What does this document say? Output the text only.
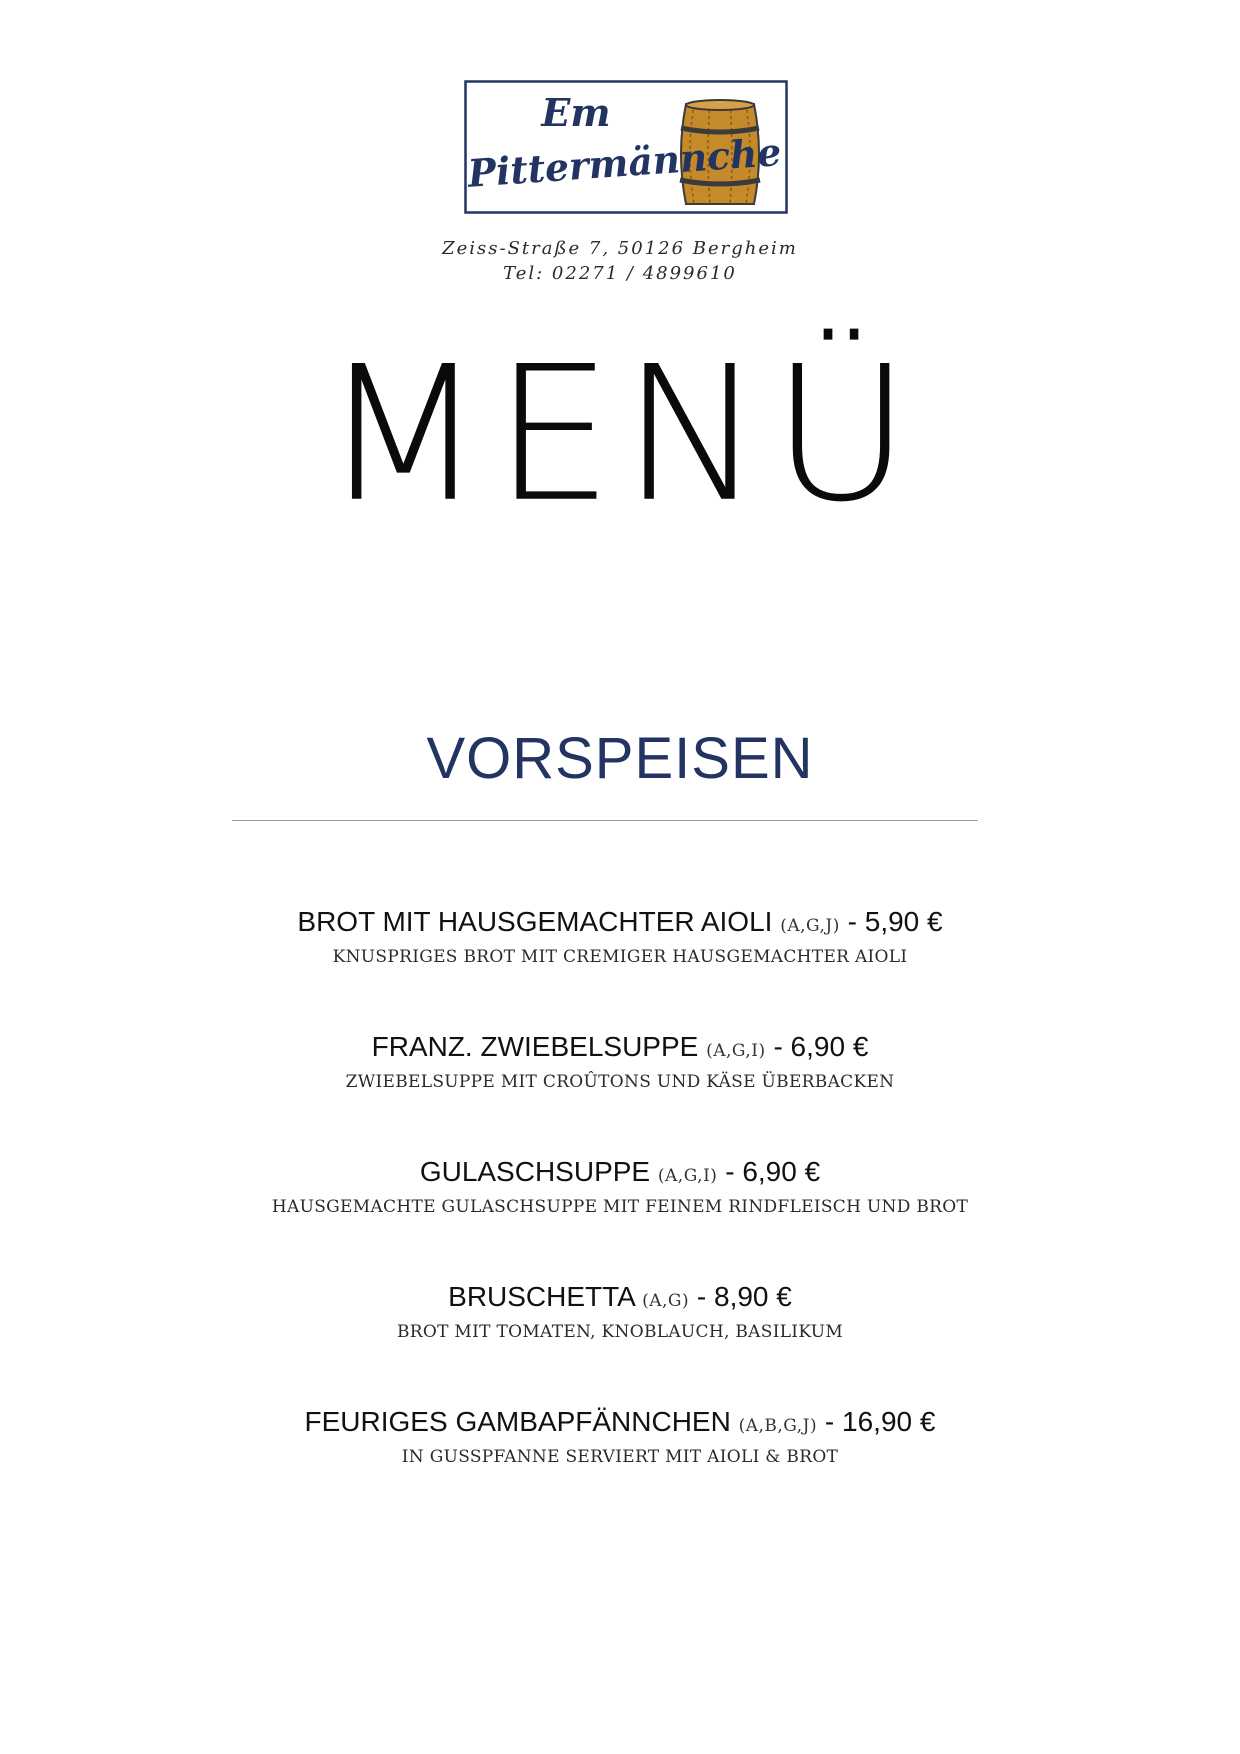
Em
Pittermännche
Zeiss-Straße 7, 50126 Bergheim
Tel: 02271 / 4899610
MENÜ
VORSPEISEN
BROT MIT HAUSGEMACHTER AIOLI (A,G,J) - 5,90 €
KNUSPRIGES BROT MIT CREMIGER HAUSGEMACHTER AIOLI
FRANZ. ZWIEBELSUPPE (A,G,I) - 6,90 €
ZWIEBELSUPPE MIT CROÛTONS UND KÄSE ÜBERBACKEN
GULASCHSUPPE (A,G,I) - 6,90 €
HAUSGEMACHTE GULASCHSUPPE MIT FEINEM RINDFLEISCH UND BROT
BRUSCHETTA (A,G) - 8,90 €
BROT MIT TOMATEN, KNOBLAUCH, BASILIKUM
FEURIGES GAMBAPFÄNNCHEN (A,B,G,J) - 16,90 €
IN GUSSPFANNE SERVIERT MIT AIOLI & BROT
